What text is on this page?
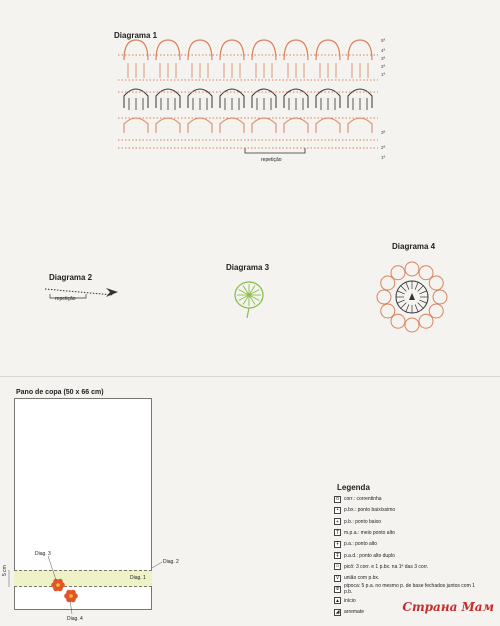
Diagrama 1
repetição
5ª
4ª
3ª
2ª
1ª
3ª
2ª
1ª
Diagrama 2
repetição
Diagrama 3
Diagrama 4
Pano de copa (50 x 66 cm)
Diag. 3
Diag. 1
Diag. 2
Diag. 4
5 cm
Legenda
o	corr.: correntinha
•	p.bx.: ponto baixíssimo
+	p.b.: ponto baixo
T m.p.a.: meio ponto alto
Ŧ p.a.: ponto alto
Ŧ p.a.d.: ponto alto duplo
ᴼ	picô: 3 corr. e 1 p.bx. na 1ª das 3 corr.
V união com p.bx.
Φ pipoca: 5 p.a. no mesmo p. de base fechados juntos com 1 p.b.
▲ início
◢ arremate	Страна Мам
